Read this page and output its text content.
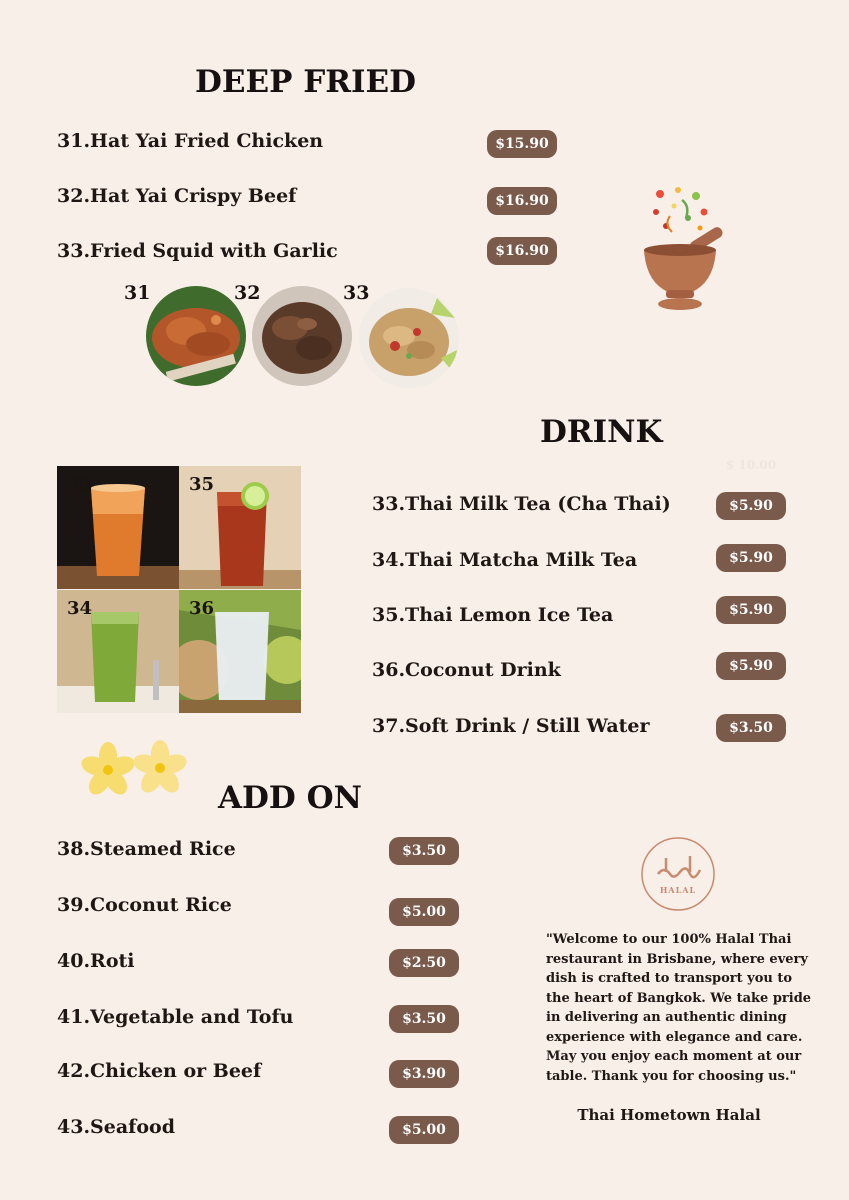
DEEP FRIED
31.Hat Yai Fried Chicken	$15.90
32.Hat Yai Crispy Beef	$16.90
33.Fried Squid with Garlic	$16.90
31	32	33
DRINK
$ 10.00
33	35
34	36
33.Thai Milk Tea (Cha Thai)	$5.90
34.Thai Matcha Milk Tea	$5.90
35.Thai Lemon Ice Tea	$5.90
36.Coconut Drink	$5.90
37.Soft Drink / Still Water	$3.50
ADD ON
38.Steamed Rice	$3.50
39.Coconut Rice	$5.00
40.Roti	$2.50
41.Vegetable and Tofu	$3.50
42.Chicken or Beef	$3.90
43.Seafood	$5.00
HALAL

"Welcome to our 100% Halal Thai restaurant in Brisbane, where every dish is crafted to transport you to the heart of Bangkok. We take pride in delivering an authentic dining experience with elegance and care. May you enjoy each moment at our table. Thank you for choosing us."

Thai Hometown Halal
